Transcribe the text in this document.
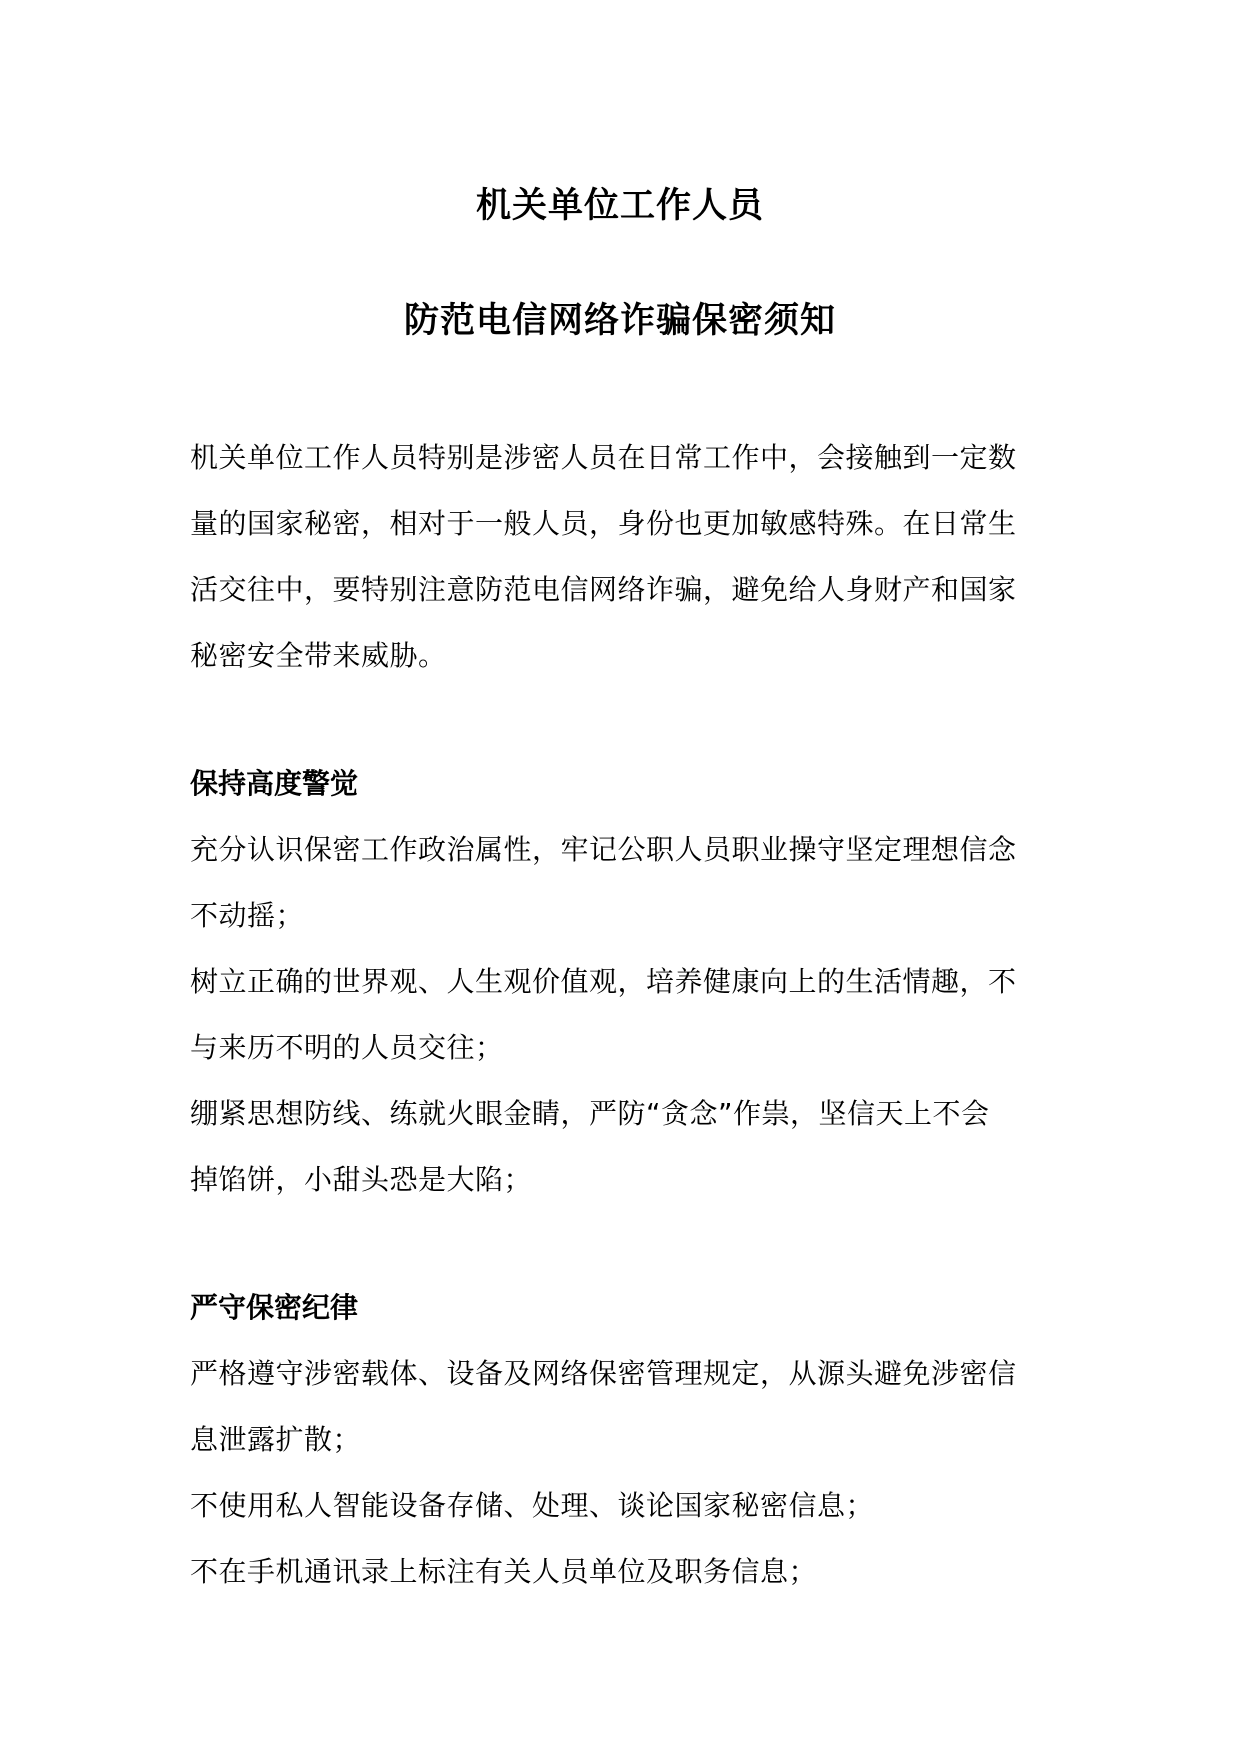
机关单位工作人员
防范电信网络诈骗保密须知
机关单位工作人员特别是涉密人员在日常工作中，会接触到一定数
量的国家秘密，相对于一般人员，身份也更加敏感特殊。在日常生
活交往中，要特别注意防范电信网络诈骗，避免给人身财产和国家
秘密安全带来威胁。
保持高度警觉
充分认识保密工作政治属性，牢记公职人员职业操守坚定理想信念
不动摇；
树立正确的世界观、人生观价值观，培养健康向上的生活情趣，不
与来历不明的人员交往；
绷紧思想防线、练就火眼金睛，严防“贪念”作祟，坚信天上不会
掉馅饼，小甜头恐是大陷；
严守保密纪律
严格遵守涉密载体、设备及网络保密管理规定，从源头避免涉密信
息泄露扩散；
不使用私人智能设备存储、处理、谈论国家秘密信息；
不在手机通讯录上标注有关人员单位及职务信息；
